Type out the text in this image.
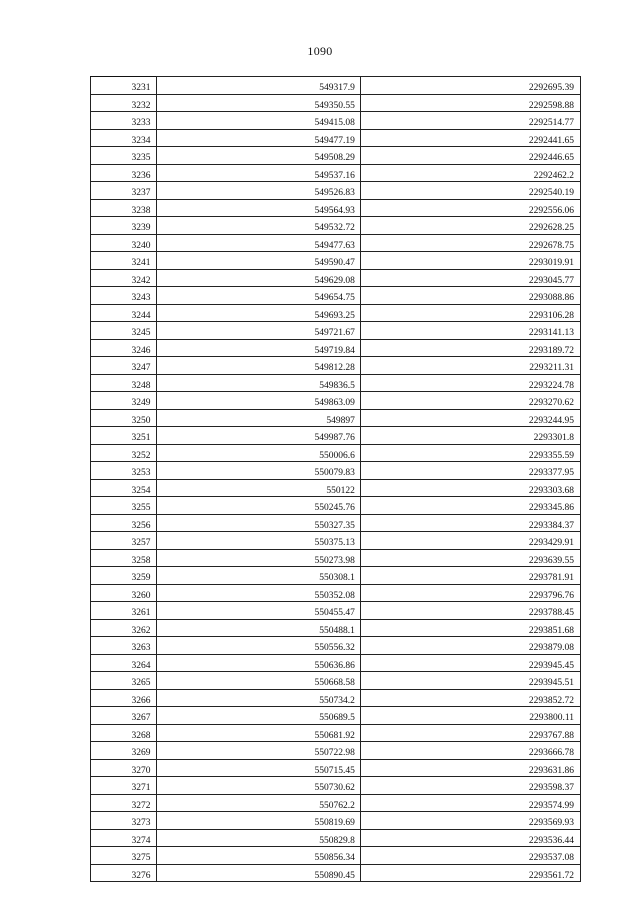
1090
3231	549317.9	2292695.39
3232	549350.55	2292598.88
3233	549415.08	2292514.77
3234	549477.19	2292441.65
3235	549508.29	2292446.65
3236	549537.16	2292462.2
3237	549526.83	2292540.19
3238	549564.93	2292556.06
3239	549532.72	2292628.25
3240	549477.63	2292678.75
3241	549590.47	2293019.91
3242	549629.08	2293045.77
3243	549654.75	2293088.86
3244	549693.25	2293106.28
3245	549721.67	2293141.13
3246	549719.84	2293189.72
3247	549812.28	2293211.31
3248	549836.5	2293224.78
3249	549863.09	2293270.62
3250	549897	2293244.95
3251	549987.76	2293301.8
3252	550006.6	2293355.59
3253	550079.83	2293377.95
3254	550122	2293303.68
3255	550245.76	2293345.86
3256	550327.35	2293384.37
3257	550375.13	2293429.91
3258	550273.98	2293639.55
3259	550308.1	2293781.91
3260	550352.08	2293796.76
3261	550455.47	2293788.45
3262	550488.1	2293851.68
3263	550556.32	2293879.08
3264	550636.86	2293945.45
3265	550668.58	2293945.51
3266	550734.2	2293852.72
3267	550689.5	2293800.11
3268	550681.92	2293767.88
3269	550722.98	2293666.78
3270	550715.45	2293631.86
3271	550730.62	2293598.37
3272	550762.2	2293574.99
3273	550819.69	2293569.93
3274	550829.8	2293536.44
3275	550856.34	2293537.08
3276	550890.45	2293561.72
